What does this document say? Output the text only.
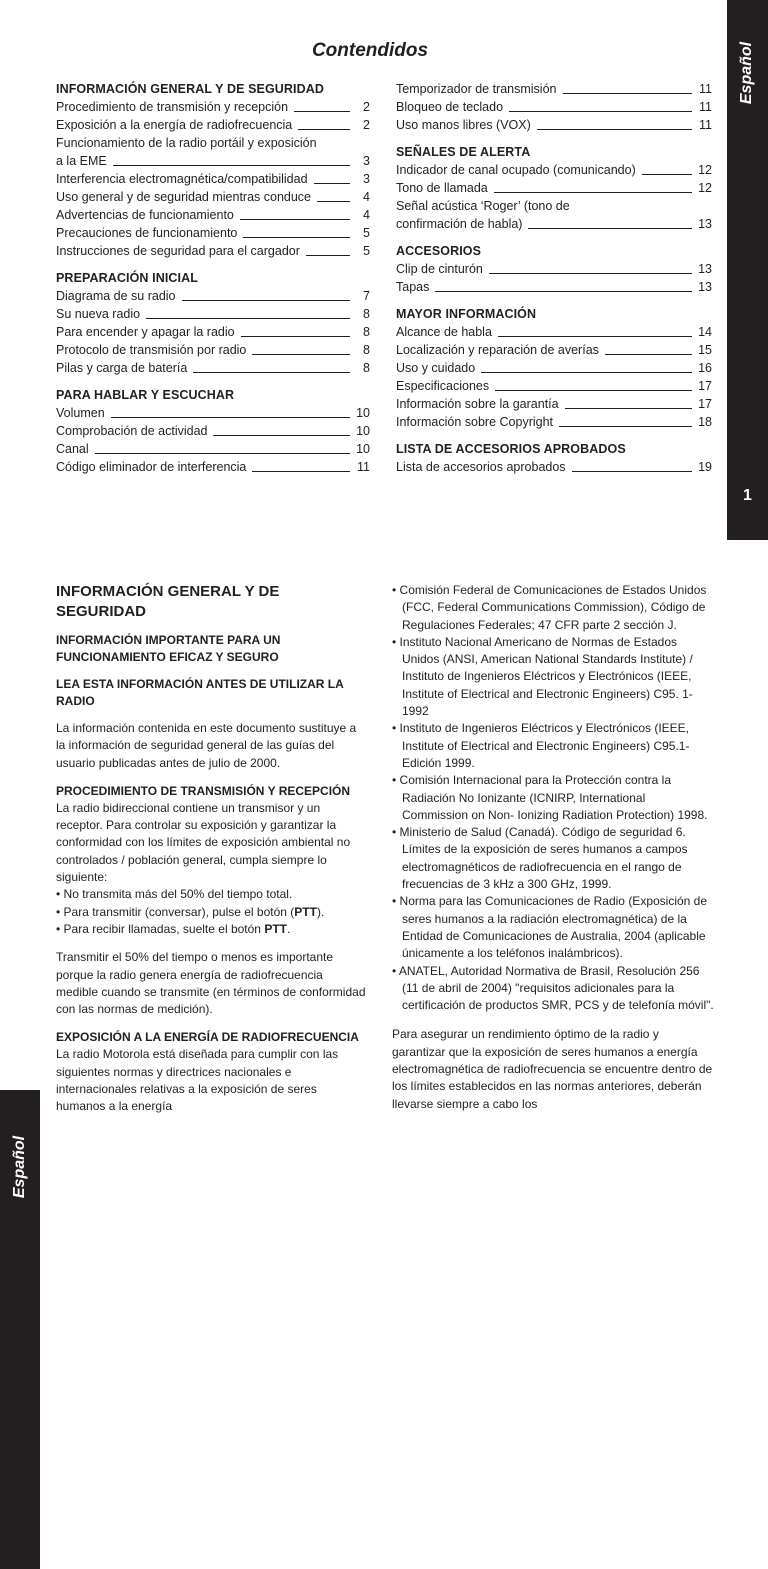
Español
1
Contendidos
INFORMACIÓN GENERAL Y DE SEGURIDAD
Procedimiento de transmisión y recepción	2
Exposición a la energía de radiofrecuencia	2
Funcionamiento de la radio portáil y exposición
a la EME	3
Interferencia electromagnética/compatibilidad	3
Uso general y de seguridad mientras conduce	4
Advertencias de funcionamiento	4
Precauciones de funcionamiento	5
Instrucciones de seguridad para el cargador	5
PREPARACIÓN INICIAL
Diagrama de su radio	7
Su nueva radio	8
Para encender y apagar la radio	8
Protocolo de transmisión por radio	8
Pilas y carga de batería	8
PARA HABLAR Y ESCUCHAR
Volumen	10
Comprobación de actividad	10
Canal	10
Código eliminador de interferencia	11
Temporizador de transmisión	11
Bloqueo de teclado	11
Uso manos libres (VOX)	11
SEÑALES DE ALERTA
Indicador de canal ocupado (comunicando)	12
Tono de llamada	12
Señal acústica ‘Roger’ (tono de
confirmación de habla)	13
ACCESORIOS
Clip de cinturón	13
Tapas	13
MAYOR INFORMACIÓN
Alcance de habla	14
Localización y reparación de averías	15
Uso y cuidado	16
Especificaciones	17
Información sobre la garantía	17
Información sobre Copyright	18
LISTA DE ACCESORIOS APROBADOS
Lista de accesorios aprobados	19
Español
INFORMACIÓN GENERAL Y DE SEGURIDAD
INFORMACIÓN IMPORTANTE PARA UN FUNCIONAMIENTO EFICAZ Y SEGURO
LEA ESTA INFORMACIÓN ANTES DE UTILIZAR LA RADIO

La información contenida en este documento sustituye a la información de seguridad general de las guías del usuario publicadas antes de julio de 2000.

PROCEDIMIENTO DE TRANSMISIÓN Y RECEPCIÓN

La radio bidireccional contiene un transmisor y un receptor. Para controlar su exposición y garantizar la conformidad con los límites de exposición ambiental no controlados / población general, cumpla siempre lo siguiente:

• No transmita más del 50% del tiempo total.
• Para transmitir (conversar), pulse el botón (PTT).
• Para recibir llamadas, suelte el botón PTT.

Transmitir el 50% del tiempo o menos es importante porque la radio genera energía de radiofrecuencia medible cuando se transmite (en términos de conformidad con las normas de medición).

EXPOSICIÓN A LA ENERGÍA DE RADIOFRECUENCIA

La radio Motorola está diseñada para cumplir con las siguientes normas y directrices nacionales e internacionales relativas a la exposición de seres humanos a la energía

• Comisión Federal de Comunicaciones de Estados Unidos (FCC, Federal Communications Commission), Código de Regulaciones Federales; 47 CFR parte 2 sección J.
• Instituto Nacional Americano de Normas de Estados Unidos (ANSI, American National Standards Institute) / Instituto de Ingenieros Eléctricos y Electrónicos (IEEE, Institute of Electrical and Electronic Engineers) C95. 1- 1992
• Instituto de Ingenieros Eléctricos y Electrónicos (IEEE, Institute of Electrical and Electronic Engineers) C95.1- Edición 1999.
• Comisión Internacional para la Protección contra la Radiación No Ionizante (ICNIRP, International Commission on Non- Ionizing Radiation Protection) 1998.
• Ministerio de Salud (Canadá). Código de seguridad 6. Límites de la exposición de seres humanos a campos electromagnéticos de radiofrecuencia en el rango de frecuencias de 3 kHz a 300 GHz, 1999.
• Norma para las Comunicaciones de Radio (Exposición de seres humanos a la radiación electromagnética) de la Entidad de Comunicaciones de Australia, 2004 (aplicable únicamente a los teléfonos inalámbricos).
• ANATEL, Autoridad Normativa de Brasil, Resolución 256 (11 de abril de 2004) "requisitos adicionales para la certificación de productos SMR, PCS y de telefonía móvil".

Para asegurar un rendimiento óptimo de la radio y garantizar que la exposición de seres humanos a energía electromagnética de radiofrecuencia se encuentre dentro de los límites establecidos en las normas anteriores, deberán llevarse siempre a cabo los
